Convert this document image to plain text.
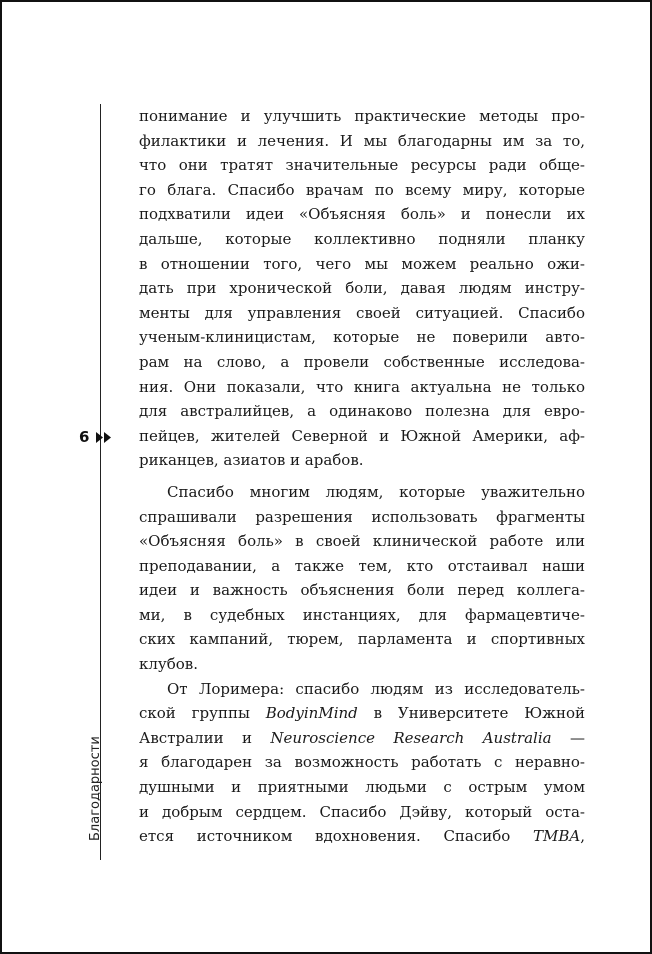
6
Благодарности
понимание и улучшить практические методы про-
филактики и лечения. И мы благодарны им за то,
что они тратят значительные ресурсы ради обще-
го блага. Спасибо врачам по всему миру, которые
подхватили идеи «Объясняя боль» и понесли их
дальше, которые коллективно подняли планку
в отношении того, чего мы можем реально ожи-
дать при хронической боли, давая людям инстру-
менты для управления своей ситуацией. Спасибо
ученым-клиницистам, которые не поверили авто-
рам на слово, а провели собственные исследова-
ния. Они показали, что книга актуальна не только
для австралийцев, а одинаково полезна для евро-
пейцев, жителей Северной и Южной Америки, аф-
риканцев, азиатов и арабов.
Спасибо многим людям, которые уважительно
спрашивали разрешения использовать фрагменты
«Объясняя боль» в своей клинической работе или
преподавании, а также тем, кто отстаивал наши
идеи и важность объяснения боли перед коллега-
ми, в судебных инстанциях, для фармацевтиче-
ских кампаний, тюрем, парламента и спортивных
клубов.
От Лоримера: спасибо людям из исследователь-
ской группы BodyinMind в Университете Южной
Австралии и Neuroscience Research Australia —
я благодарен за возможность работать с неравно-
душными и приятными людьми с острым умом
и добрым сердцем. Спасибо Дэйву, который оста-
ется источником вдохновения. Спасибо TMBA,
